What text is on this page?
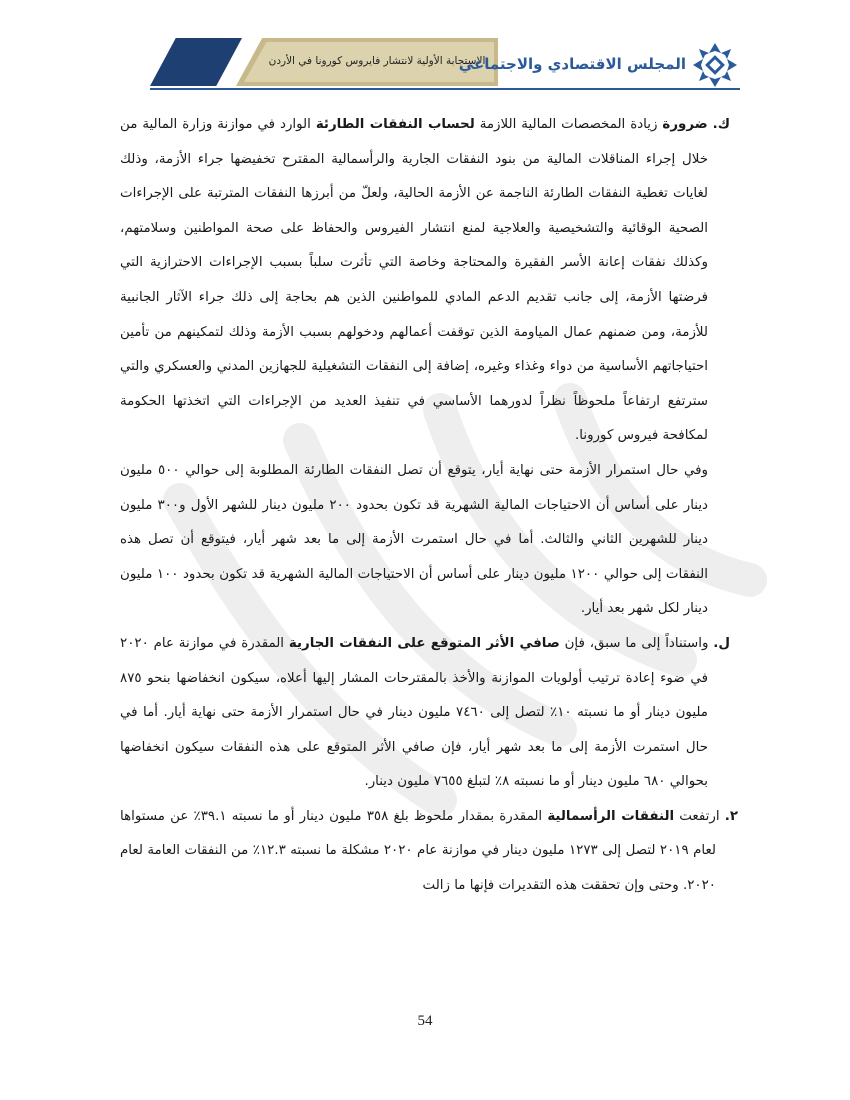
الاستجابة الأولية لانتشار فايروس كورونا في الأردن
المجلس الاقتصادي والاجتماعي

ك. ضرورة زيادة المخصصات المالية اللازمة لحساب النفقات الطارئة الوارد في موازنة وزارة المالية من خلال إجراء المناقلات المالية من بنود النفقات الجارية والرأسمالية المقترح تخفيضها جراء الأزمة، وذلك لغايات تغطية النفقات الطارئة الناجمة عن الأزمة الحالية، ولعلّ من أبرزها النفقات المترتبة على الإجراءات الصحية الوقائية والتشخيصية والعلاجية لمنع انتشار الفيروس والحفاظ على صحة المواطنين وسلامتهم، وكذلك نفقات إعانة الأسر الفقيرة والمحتاجة وخاصة التي تأثرت سلباً بسبب الإجراءات الاحترازية التي فرضتها الأزمة، إلى جانب تقديم الدعم المادي للمواطنين الذين هم بحاجة إلى ذلك جراء الآثار الجانبية للأزمة، ومن ضمنهم عمال المياومة الذين توقفت أعمالهم ودخولهم بسبب الأزمة وذلك لتمكينهم من تأمين احتياجاتهم الأساسية من دواء وغذاء وغيره، إضافة إلى النفقات التشغيلية للجهازين المدني والعسكري والتي سترتفع ارتفاعاً ملحوظاً نظراً لدورهما الأساسي في تنفيذ العديد من الإجراءات التي اتخذتها الحكومة لمكافحة فيروس كورونا.

وفي حال استمرار الأزمة حتى نهاية أيار، يتوقع أن تصل النفقات الطارئة المطلوبة إلى حوالي ٥٠٠ مليون دينار على أساس أن الاحتياجات المالية الشهرية قد تكون بحدود ٢٠٠ مليون دينار للشهر الأول و٣٠٠ مليون دينار للشهرين الثاني والثالث. أما في حال استمرت الأزمة إلى ما بعد شهر أيار، فيتوقع أن تصل هذه النفقات إلى حوالي ١٢٠٠ مليون دينار على أساس أن الاحتياجات المالية الشهرية قد تكون بحدود ١٠٠ مليون دينار لكل شهر بعد أيار.

ل. واستناداً إلى ما سبق، فإن صافي الأثر المتوقع على النفقات الجارية المقدرة في موازنة عام ٢٠٢٠ في ضوء إعادة ترتيب أولويات الموازنة والأخذ بالمقترحات المشار إليها أعلاه، سيكون انخفاضها بنحو ٨٧٥ مليون دينار أو ما نسبته ١٠٪ لتصل إلى ٧٤٦٠ مليون دينار في حال استمرار الأزمة حتى نهاية أيار. أما في حال استمرت الأزمة إلى ما بعد شهر أيار، فإن صافي الأثر المتوقع على هذه النفقات سيكون انخفاضها بحوالي ٦٨٠ مليون دينار أو ما نسبته ٨٪ لتبلغ ٧٦٥٥ مليون دينار.

٢. ارتفعت النفقات الرأسمالية المقدرة بمقدار ملحوظ بلغ ٣٥٨ مليون دينار أو ما نسبته ٣٩.١٪ عن مستواها لعام ٢٠١٩ لتصل إلى ١٢٧٣ مليون دينار في موازنة عام ٢٠٢٠ مشكلة ما نسبته ١٢.٣٪ من النفقات العامة لعام ٢٠٢٠. وحتى وإن تحققت هذه التقديرات فإنها ما زالت

54
